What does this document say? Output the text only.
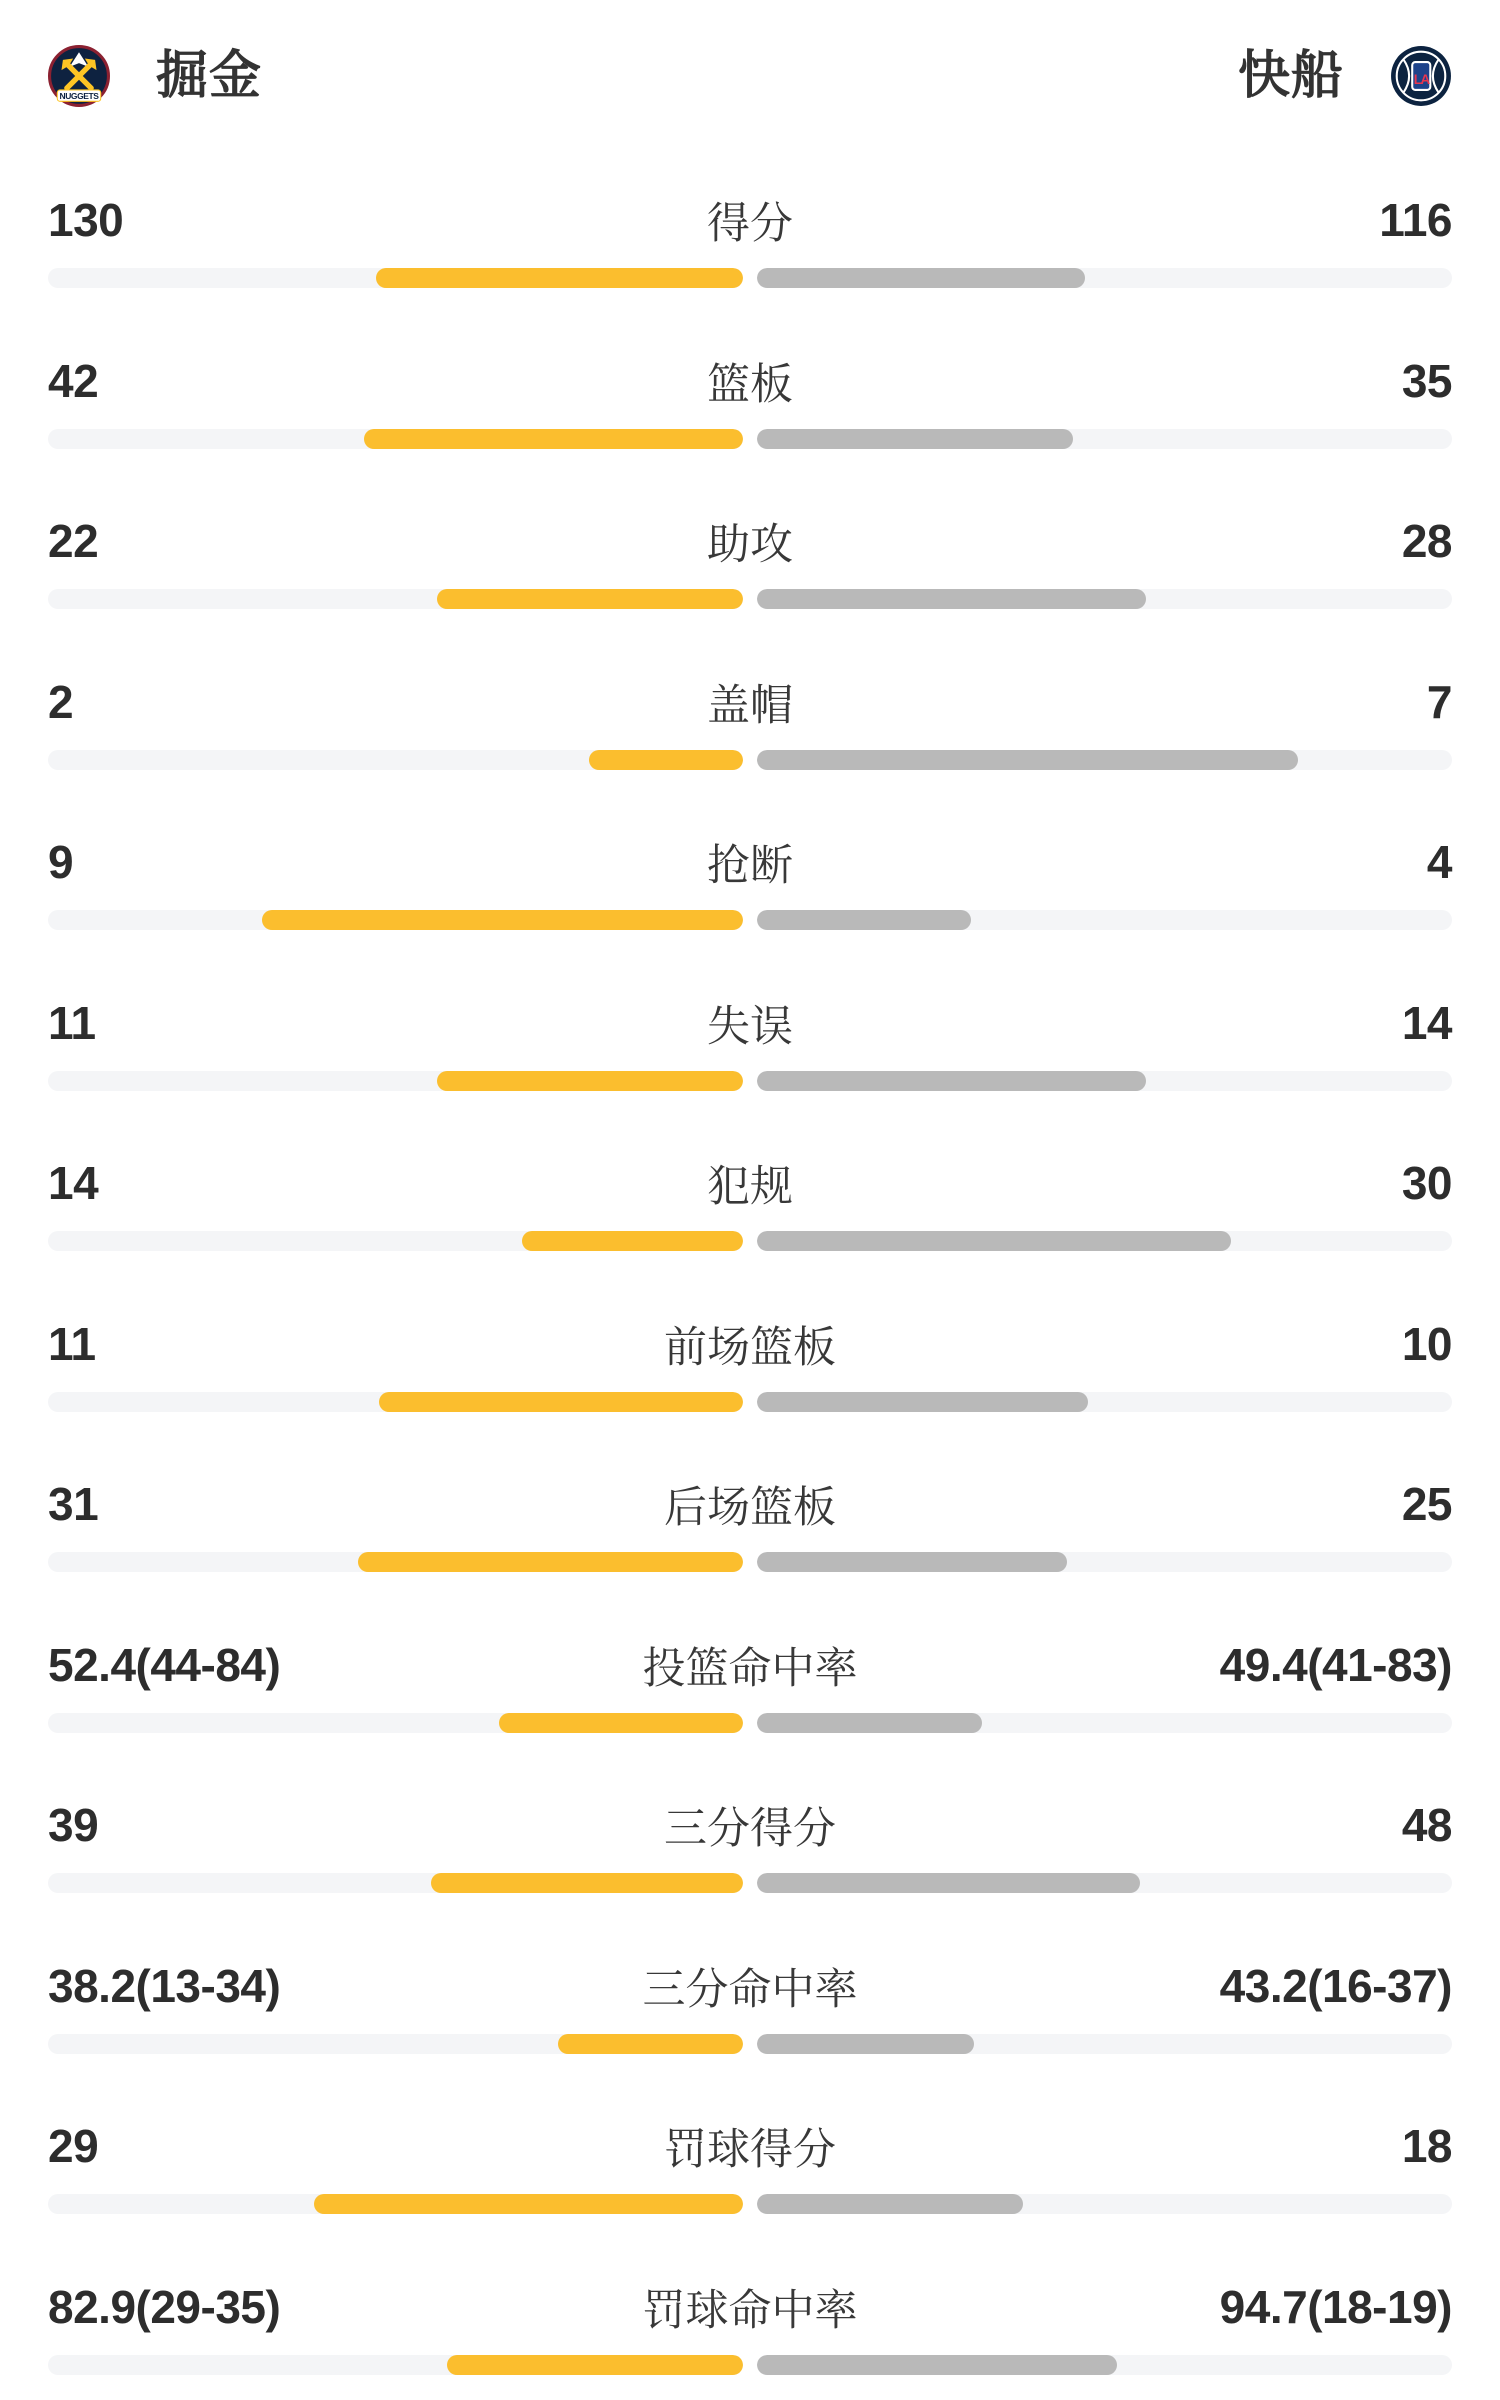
NUGGETS 掘金	快船	LA
130	得分	116
42	篮板	35
22	助攻	28
2	盖帽	7
9	抢断	4
11	失误	14
14	犯规	30
11	前场篮板	10
31	后场篮板	25
52.4(44-84)	投篮命中率	49.4(41-83)
39	三分得分	48
38.2(13-34)	三分命中率	43.2(16-37)
29	罚球得分	18
82.9(29-35)	罚球命中率	94.7(18-19)
